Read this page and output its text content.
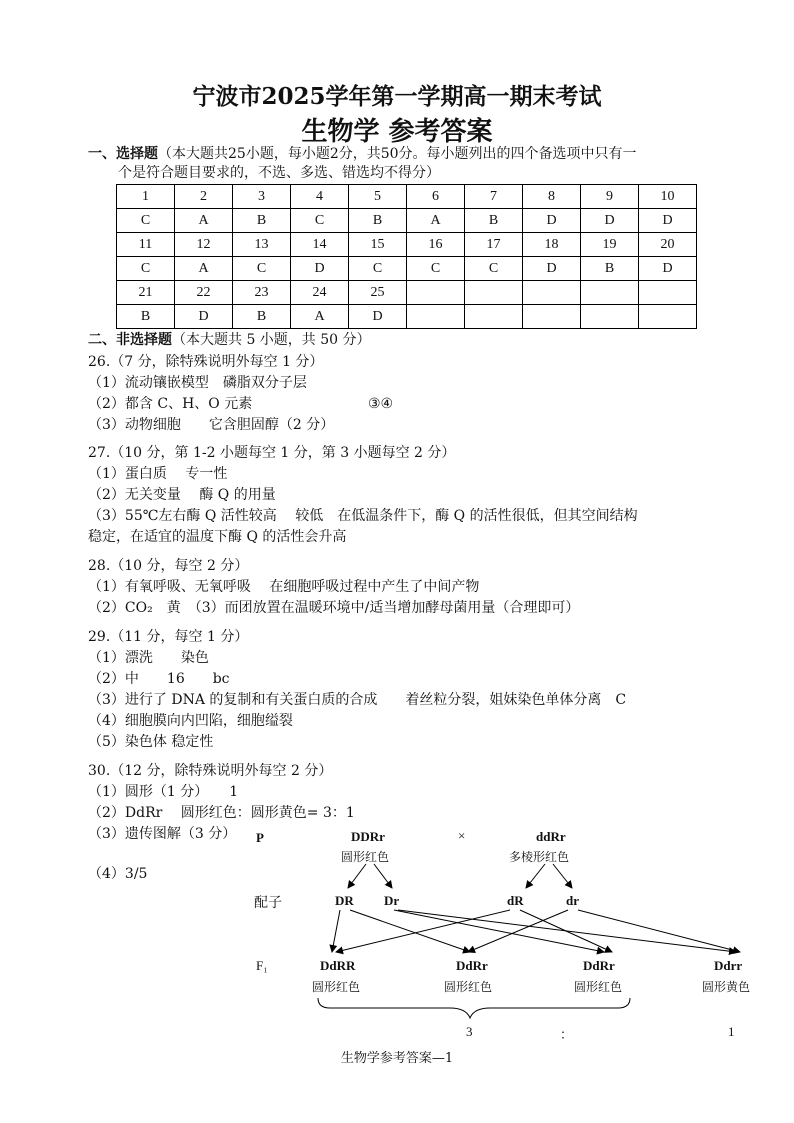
宁波市2025学年第一学期高一期末考试
生物学 参考答案
一、选择题（本大题共25小题，每小题2分，共50分。每小题列出的四个备选项中只有一
个是符合题目要求的，不选、多选、错选均不得分）
1	2	3	4	5	6	7	8	9	10
C	A	B	C	B	A	B	D	D	D
11	12	13	14	15	16	17	18	19	20
C	A	C	D	C	C	C	D	B	D
21	22	23	24	25					
B	D	B	A	D					
二、非选择题（本大题共 5 小题，共 50 分）
26.（7 分，除特殊说明外每空 1 分）
（1）流动镶嵌模型　磷脂双分子层
（2）都含 C、H、O 元素	③④
（3）动物细胞　　它含胆固醇（2 分）
27.（10 分，第 1-2 小题每空 1 分，第 3 小题每空 2 分）
（1）蛋白质　 专一性
（2）无关变量　 酶 Q 的用量
（3）55℃左右酶 Q 活性较高　 较低　在低温条件下，酶 Q 的活性很低，但其空间结构
稳定，在适宜的温度下酶 Q 的活性会升高
28.（10 分，每空 2 分）
（1）有氧呼吸、无氧呼吸　 在细胞呼吸过程中产生了中间产物
（2）CO₂　黄　（3）而团放置在温暖环境中/适当增加酵母菌用量（合理即可）
29.（11 分，每空 1 分）
（1）漂洗　　染色
（2）中　　16　　bc
（3）进行了 DNA 的复制和有关蛋白质的合成　　着丝粒分裂，姐妹染色单体分离　C
（4）细胞膜向内凹陷，细胞缢裂
（5）染色体 稳定性
30.（12 分，除特殊说明外每空 2 分）
（1）圆形（1 分）　　1
（2）DdRr　 圆形红色：圆形黄色= 3：1
（3）遗传图解（3 分）
（4）3/5
P	DDRr
圆形红色
×	ddRr
多棱形红色
配子	DR Dr	dR	dr
F₁	DdRR
圆形红色
DdRr
圆形红色
DdRr
圆形红色
Ddrr
圆形黄色
3	：	1
生物学参考答案—1
